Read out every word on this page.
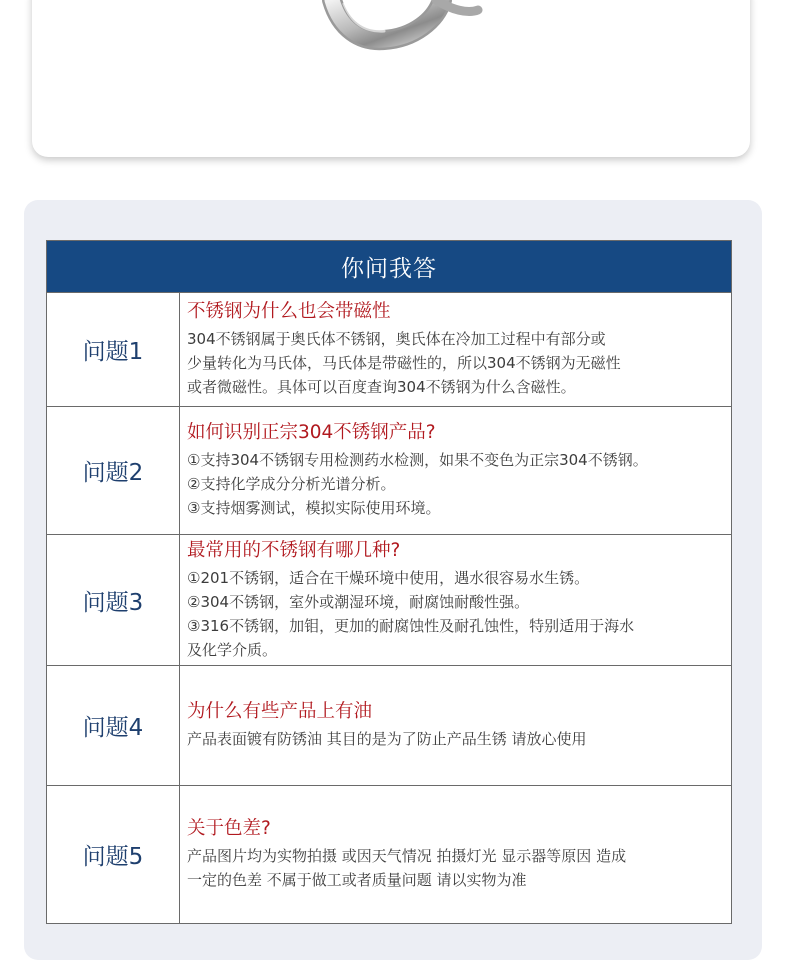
你问我答
问题1
不锈钢为什么也会带磁性
304不锈钢属于奥氏体不锈钢，奥氏体在冷加工过程中有部分或
少量转化为马氏体，马氏体是带磁性的，所以304不锈钢为无磁性
或者微磁性。具体可以百度查询304不锈钢为什么含磁性。
问题2
如何识别正宗304不锈钢产品?
①支持304不锈钢专用检测药水检测，如果不变色为正宗304不锈钢。
②支持化学成分分析光谱分析。
③支持烟雾测试，模拟实际使用环境。
问题3
最常用的不锈钢有哪几种?
①201不锈钢，适合在干燥环境中使用，遇水很容易水生锈。
②304不锈钢，室外或潮湿环境，耐腐蚀耐酸性强。
③316不锈钢，加钼，更加的耐腐蚀性及耐孔蚀性，特别适用于海水
及化学介质。
问题4
为什么有些产品上有油
产品表面镀有防锈油 其目的是为了防止产品生锈 请放心使用
问题5
关于色差?
产品图片均为实物拍摄 或因天气情况 拍摄灯光 显示器等原因 造成
一定的色差 不属于做工或者质量问题 请以实物为准
